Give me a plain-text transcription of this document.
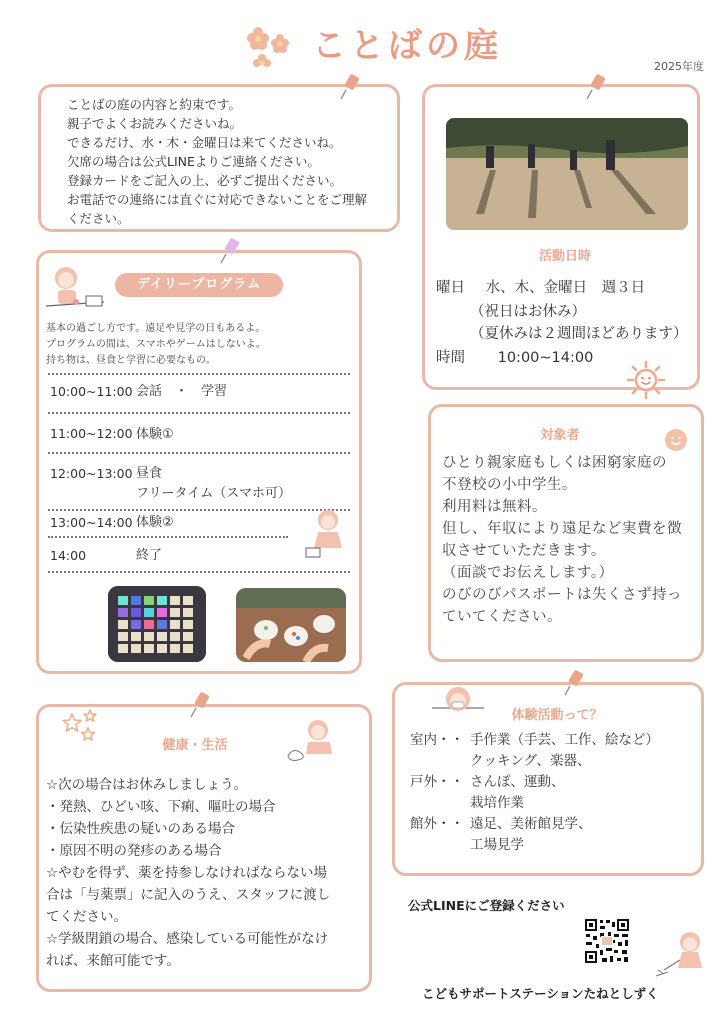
ことばの庭
2025年度

ことばの庭の内容と約束です。

親子でよくお読みくださいね。

できるだけ、水・木・金曜日は来てくださいね。

欠席の場合は公式LINEよりご連絡ください。

登録カードをご記入の上、必ずご提出ください。

お電話での連絡には直ぐに対応できないことをご理解

ください。

デイリープログラム
基本の過ごし方です。遠足や見学の日もあるよ。
プログラムの間は、スマホやゲームはしないよ。
持ち物は、昼食と学習に必要なもの。
10:00~11:00 会話　・　学習
11:00~12:00 体験①
12:00~13:00 昼食
フリータイム（スマホ可）
13:00~14:00 体験②
14:00	終了
活動日時
曜日 水、木、金曜日　週３日
（祝日はお休み）
（夏休みは２週間ほどあります）
時間 10:00~14:00
対象者
ひとり親家庭もしくは困窮家庭の
不登校の小中学生。
利用料は無料。
但し、年収により遠足など実費を徴
収させていただきます。
（面談でお伝えします。）
のびのびパスポートは失くさず持っ
ていてください。
体験活動って？
室内・・ 手作業（手芸、工作、絵など）
クッキング、楽器、
戸外・・ さんぽ、運動、
栽培作業
館外・・ 遠足、美術館見学、
工場見学
健康・生活
☆次の場合はお休みしましょう。
・発熱、ひどい咳、下痢、嘔吐の場合
・伝染性疾患の疑いのある場合
・原因不明の発疹のある場合
☆やむを得ず、薬を持参しなければならない場
合は「与薬票」に記入のうえ、スタッフに渡し
てください。
☆学級閉鎖の場合、感染している可能性がなけ
れば、来館可能です。
公式LINEにご登録ください
こどもサポートステーションたねとしずく
